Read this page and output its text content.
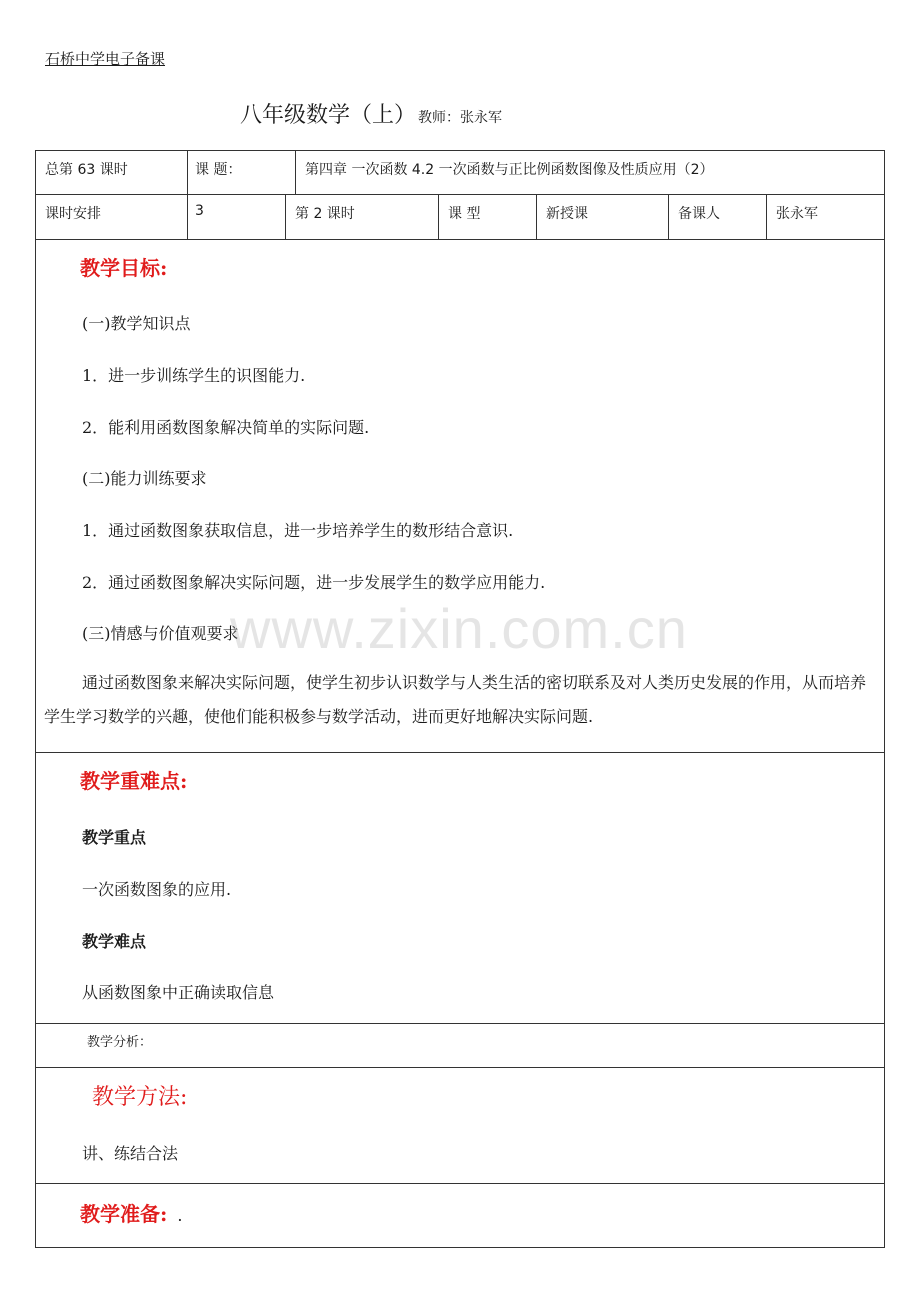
石桥中学电子备课
八年级数学（上） 教师：张永军
总第 63 课时	课 题：	第四章 一次函数 4.2 一次函数与正比例函数图像及性质应用（2）
课时安排	3	第 2 课时	课 型	新授课	备课人	张永军
教学目标:
(一)教学知识点
1．进一步训练学生的识图能力.
2．能利用函数图象解决简单的实际问题.
(二)能力训练要求
1．通过函数图象获取信息，进一步培养学生的数形结合意识.
2．通过函数图象解决实际问题，进一步发展学生的数学应用能力.
(三)情感与价值观要求
通过函数图象来解决实际问题，使学生初步认识数学与人类生活的密切联系及对人类历史发展的作用，从而培养学生学习数学的兴趣，使他们能积极参与数学活动，进而更好地解决实际问题.
教学重难点:
教学重点
一次函数图象的应用.
教学难点
从函数图象中正确读取信息
教学分析：
教学方法:
讲、练结合法
教学准备: .
www.zixin.com.cn
